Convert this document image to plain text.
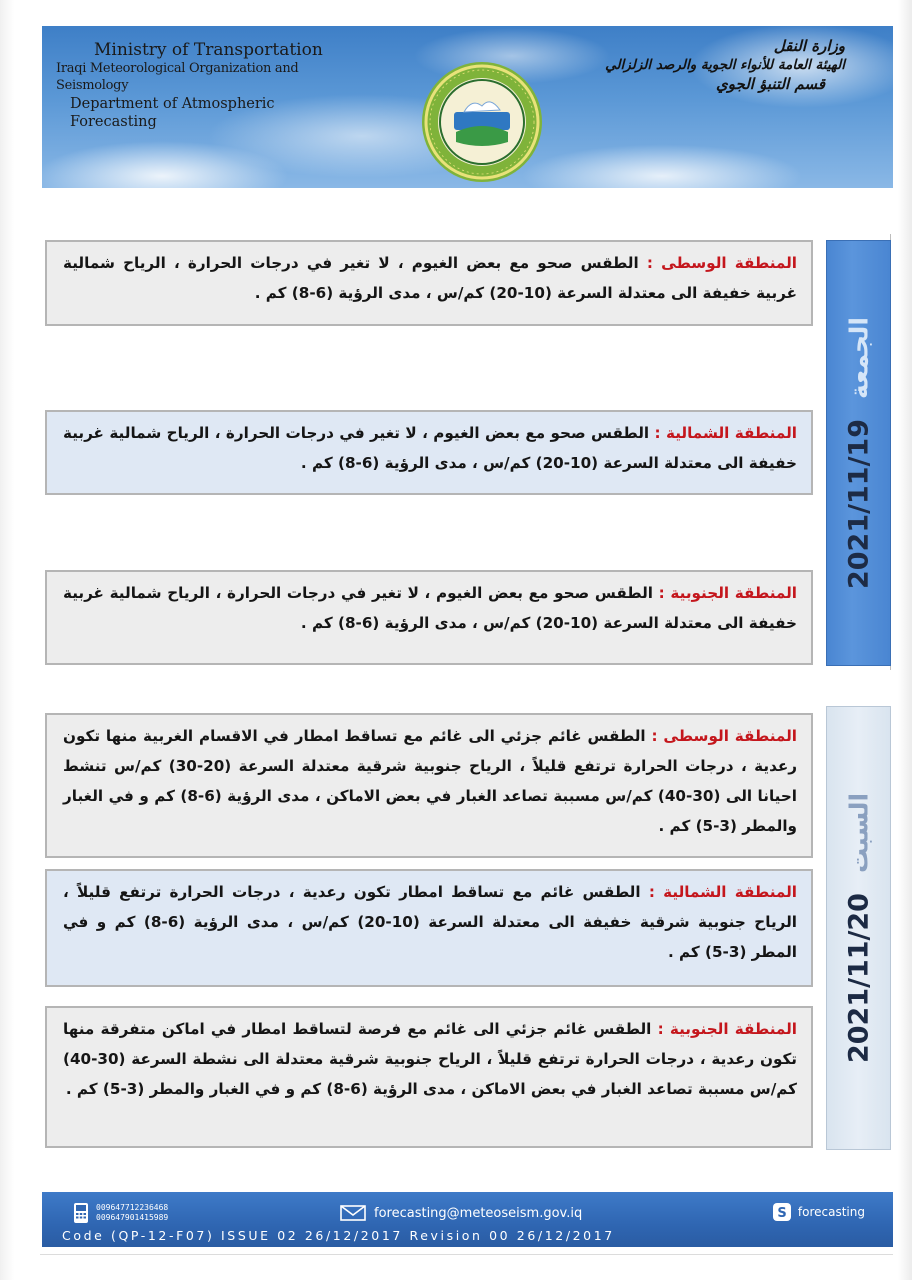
Ministry of Transportation
Iraqi Meteorological Organization and Seismology
Department of Atmospheric Forecasting
وزارة النقل
الهيئة العامة للأنواء الجوية والرصد الزلزالي
قسم التنبؤ الجوي
2021/11/19
الجمعة
2021/11/20
السبت
المنطقة الوسطى : الطقس صحو مع بعض الغيوم ، لا تغير في درجات الحرارة ، الرياح شمالية غربية خفيفة الى معتدلة السرعة (10-20) كم/س ، مدى الرؤية (6-8) كم .
المنطقة الشمالية : الطقس صحو مع بعض الغيوم ، لا تغير في درجات الحرارة ، الرياح شمالية غربية خفيفة الى معتدلة السرعة (10-20) كم/س ، مدى الرؤية (6-8) كم .
المنطقة الجنوبية : الطقس صحو مع بعض الغيوم ، لا تغير في درجات الحرارة ، الرياح شمالية غربية خفيفة الى معتدلة السرعة (10-20) كم/س ، مدى الرؤية (6-8) كم .
المنطقة الوسطى : الطقس غائم جزئي الى غائم مع تساقط امطار في الاقسام الغربية منها تكون رعدية ، درجات الحرارة ترتفع قليلاً ، الرياح جنوبية شرقية معتدلة السرعة (20-30) كم/س تنشط احيانا الى (30-40) كم/س مسببة تصاعد الغبار في بعض الاماكن ، مدى الرؤية (6-8) كم و في الغبار والمطر (3-5) كم .
المنطقة الشمالية : الطقس غائم مع تساقط امطار تكون رعدية ، درجات الحرارة ترتفع قليلاً ، الرياح جنوبية شرقية خفيفة الى معتدلة السرعة (10-20) كم/س ، مدى الرؤية (6-8) كم و في المطر (3-5) كم .
المنطقة الجنوبية : الطقس غائم جزئي الى غائم مع فرصة لتساقط امطار في اماكن متفرقة منها تكون رعدية ، درجات الحرارة ترتفع قليلاً ، الرياح جنوبية شرقية معتدلة الى نشطة السرعة (30-40) كم/س مسببة تصاعد الغبار في بعض الاماكن ، مدى الرؤية (6-8) كم و في الغبار والمطر (3-5) كم .
009647712236468
009647901415989	forecasting@meteoseism.gov.iq	S forecasting
Code (QP-12-F07) ISSUE 02 26/12/2017 Revision 00 26/12/2017
